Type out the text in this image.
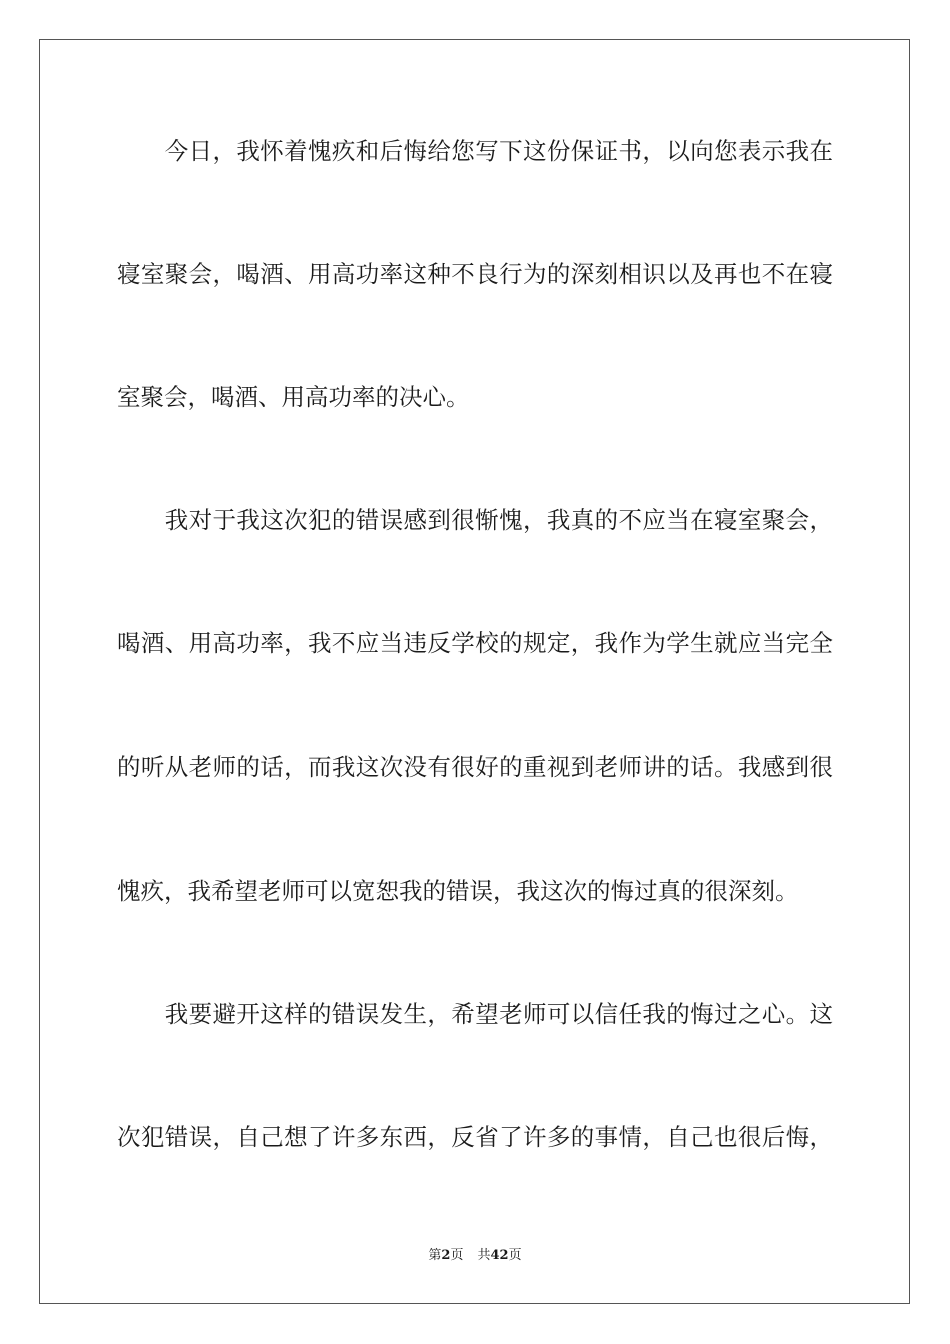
　　今日，我怀着愧疚和后悔给您写下这份保证书，以向您表示我在
寝室聚会，喝酒、用高功率这种不良行为的深刻相识以及再也不在寝
室聚会，喝酒、用高功率的决心。
　　我对于我这次犯的错误感到很惭愧，我真的不应当在寝室聚会，
喝酒、用高功率，我不应当违反学校的规定，我作为学生就应当完全
的听从老师的话，而我这次没有很好的重视到老师讲的话。我感到很
愧疚，我希望老师可以宽恕我的错误，我这次的悔过真的很深刻。
　　我要避开这样的错误发生，希望老师可以信任我的悔过之心。这
次犯错误，自己想了许多东西，反省了许多的事情，自己也很后悔，
第2页 共42页
